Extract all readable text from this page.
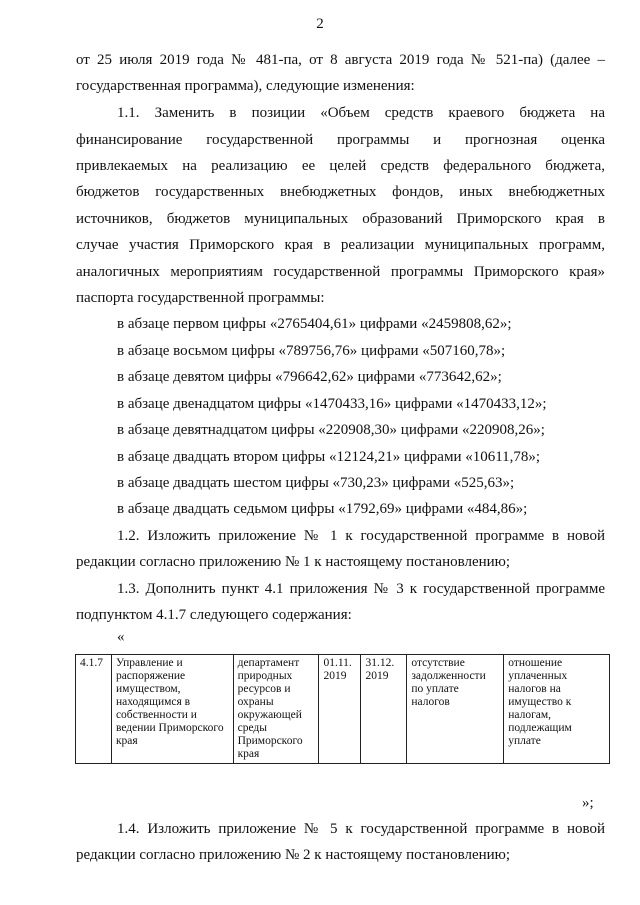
2
от 25 июля 2019 года № 481-па, от 8 августа 2019 года № 521-па) (далее –
государственная программа), следующие изменения:
1.1. Заменить в позиции «Объем средств краевого бюджета на
финансирование государственной программы и прогнозная оценка
привлекаемых на реализацию ее целей средств федерального бюджета,
бюджетов государственных внебюджетных фондов, иных внебюджетных
источников, бюджетов муниципальных образований Приморского края в
случае участия Приморского края в реализации муниципальных программ,
аналогичных мероприятиям государственной программы Приморского края»
паспорта государственной программы:
в абзаце первом цифры «2765404,61» цифрами «2459808,62»;
в абзаце восьмом цифры «789756,76» цифрами «507160,78»;
в абзаце девятом цифры «796642,62» цифрами «773642,62»;
в абзаце двенадцатом цифры «1470433,16» цифрами «1470433,12»;
в абзаце девятнадцатом цифры «220908,30» цифрами «220908,26»;
в абзаце двадцать втором цифры «12124,21» цифрами «10611,78»;
в абзаце двадцать шестом цифры «730,23» цифрами «525,63»;
в абзаце двадцать седьмом цифры «1792,69» цифрами «484,86»;
1.2. Изложить приложение № 1 к государственной программе в новой
редакции согласно приложению № 1 к настоящему постановлению;
1.3. Дополнить пункт 4.1 приложения № 3 к государственной программе
подпунктом 4.1.7 следующего содержания:
«
4.1.7	Управление и распоряжение имуществом, находящимся в собственности и ведении Приморского края	департамент природных ресурсов и охраны окружающей среды Приморского края	01.11. 2019	31.12. 2019	отсутствие задолженности по уплате налогов	отношение уплаченных налогов на имущество к налогам, подлежащим уплате
»;
1.4. Изложить приложение № 5 к государственной программе в новой
редакции согласно приложению № 2 к настоящему постановлению;
